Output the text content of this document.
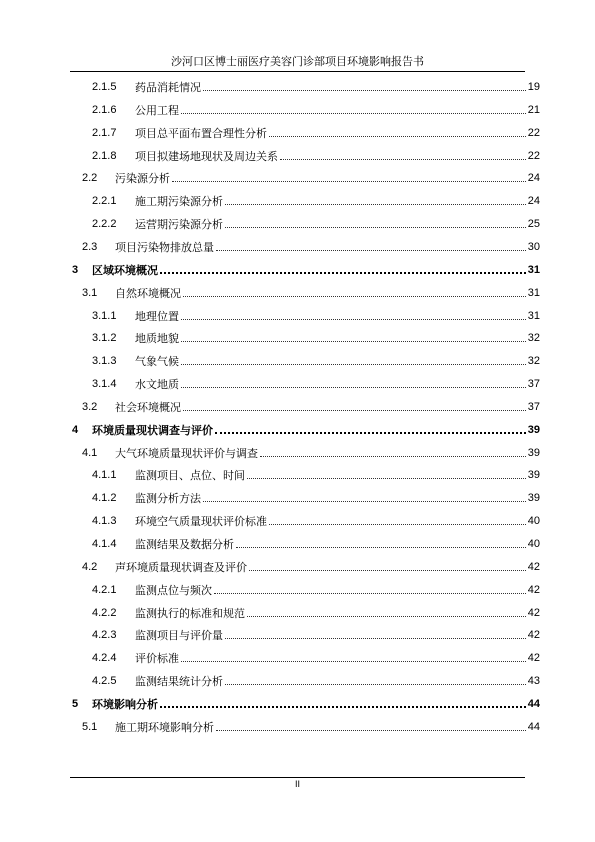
沙河口区博士丽医疗美容门诊部项目环境影响报告书
2.1.5 药品消耗情况	19
2.1.6 公用工程	21
2.1.7 项目总平面布置合理性分析	22
2.1.8 项目拟建场地现状及周边关系	22
2.2 污染源分析	24
2.2.1 施工期污染源分析	24
2.2.2 运营期污染源分析	25
2.3 项目污染物排放总量	30
3 区域环境概况	31
3.1 自然环境概况	31
3.1.1 地理位置	31
3.1.2 地质地貌	32
3.1.3 气象气候	32
3.1.4 水文地质	37
3.2 社会环境概况	37
4 环境质量现状调查与评价	39
4.1 大气环境质量现状评价与调查	39
4.1.1 监测项目、点位、时间	39
4.1.2 监测分析方法	39
4.1.3 环境空气质量现状评价标准	40
4.1.4 监测结果及数据分析	40
4.2 声环境质量现状调查及评价	42
4.2.1 监测点位与频次	42
4.2.2 监测执行的标准和规范	42
4.2.3 监测项目与评价量	42
4.2.4 评价标准	42
4.2.5 监测结果统计分析	43
5 环境影响分析	44
5.1 施工期环境影响分析	44
II
